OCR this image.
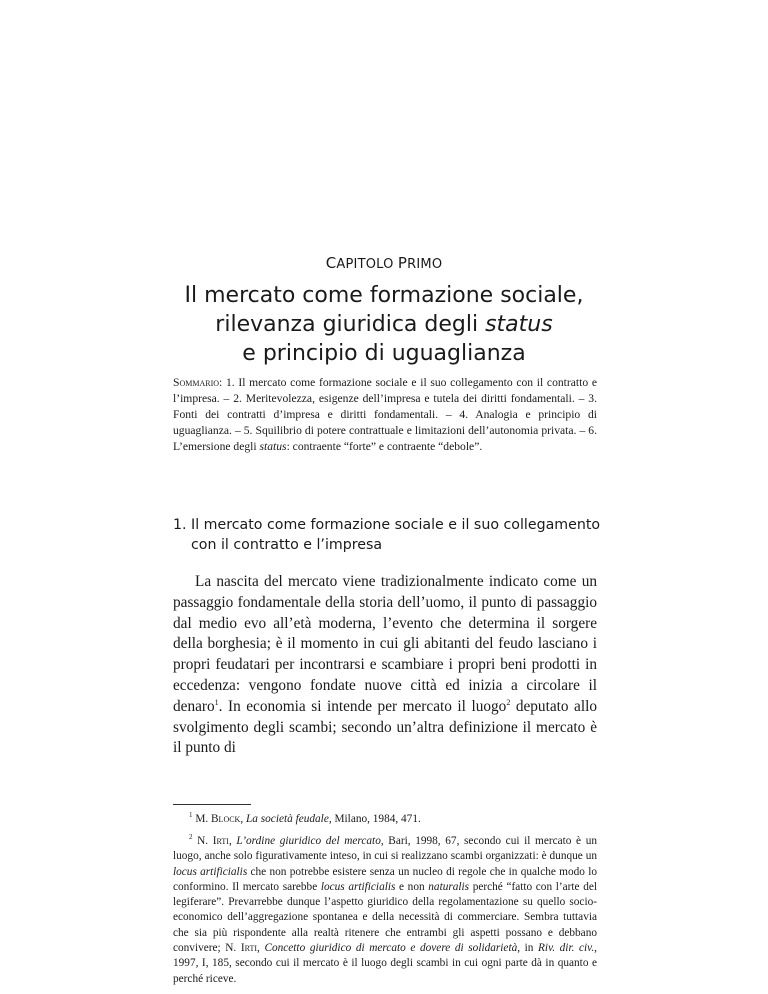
CAPITOLO PRIMO
Il mercato come formazione sociale,
rilevanza giuridica degli status
e principio di uguaglianza
Sommario: 1. Il mercato come formazione sociale e il suo collegamento con il contratto e l’impresa. – 2. Meritevolezza, esigenze dell’impresa e tutela dei diritti fondamentali. – 3. Fonti dei contratti d’impresa e diritti fondamentali. – 4. Analogia e principio di uguaglianza. – 5. Squilibrio di potere contrattuale e limitazioni dell’autonomia privata. – 6. L’emersione degli status: contraente “forte” e contraente “debole”.
1. Il mercato come formazione sociale e il suo collegamento con il contratto e l’impresa

La nascita del mercato viene tradizionalmente indicato come un passaggio fondamentale della storia dell’uomo, il punto di passaggio dal medio evo all’età moderna, l’evento che determina il sorgere della borghesia; è il momento in cui gli abitanti del feudo lasciano i propri feudatari per incontrarsi e scambiare i propri beni prodotti in eccedenza: vengono fondate nuove città ed inizia a circolare il denaro$^1$. In economia si intende per mercato il luogo$^2$ deputato allo svolgimento degli scambi; secondo un’altra definizione il mercato è il punto di

$^1$ M. Block, La società feudale, Milano, 1984, 471.

$^2$ N. Irti, L’ordine giuridico del mercato, Bari, 1998, 67, secondo cui il mercato è un luogo, anche solo figurativamente inteso, in cui si realizzano scambi organizzati: è dunque un locus artificialis che non potrebbe esistere senza un nucleo di regole che in qualche modo lo conformino. Il mercato sarebbe locus artificialis e non naturalis perché “fatto con l’arte del legiferare”. Prevarrebbe dunque l’aspetto giuridico della regolamentazione su quello socio-economico dell’aggregazione spontanea e della necessità di commerciare. Sembra tuttavia che sia più rispondente alla realtà ritenere che entrambi gli aspetti possano e debbano convivere; N. Irti, Concetto giuridico di mercato e dovere di solidarietà, in Riv. dir. civ., 1997, I, 185, secondo cui il mercato è il luogo degli scambi in cui ogni parte dà in quanto e perché riceve.
